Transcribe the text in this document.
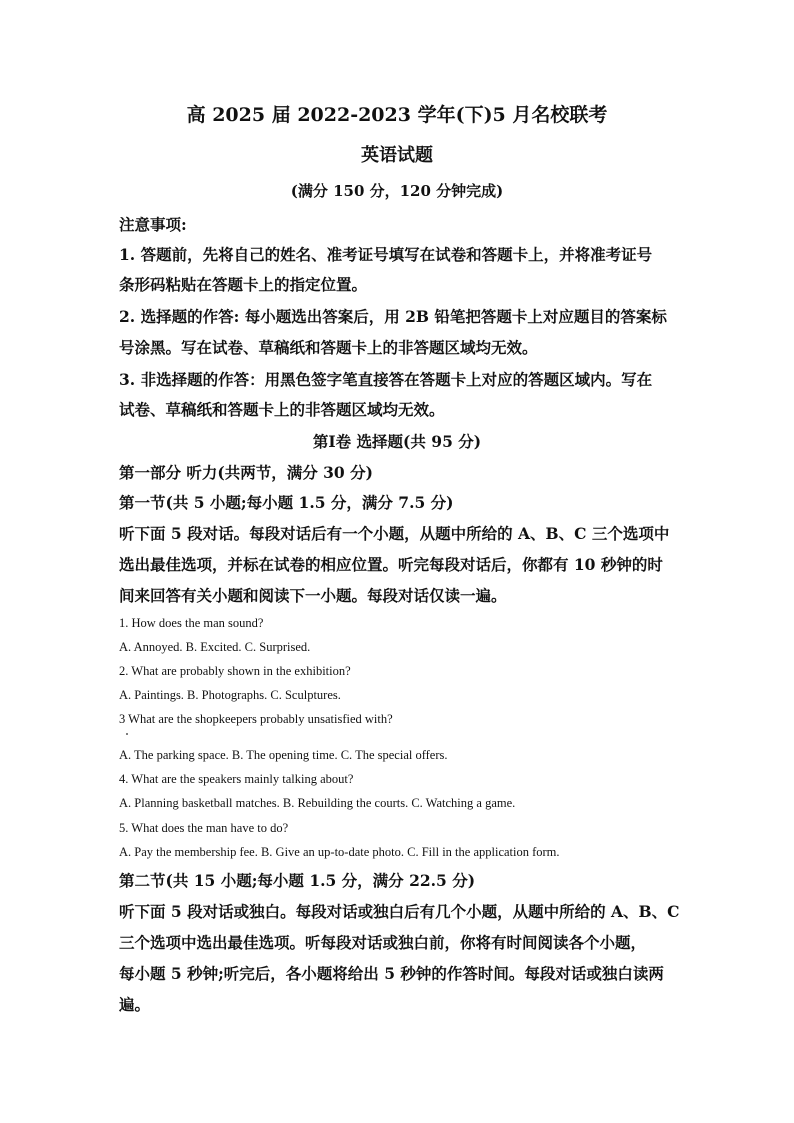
高 2025 届 2022-2023 学年(下)5 月名校联考
英语试题
(满分 150 分，120 分钟完成)
注意事项:
1. 答题前，先将自己的姓名、准考证号填写在试卷和答题卡上，并将准考证号
条形码粘贴在答题卡上的指定位置。
2. 选择题的作答: 每小题选出答案后，用 2B 铅笔把答题卡上对应题目的答案标
号涂黑。写在试卷、草稿纸和答题卡上的非答题区域均无效。
3. 非选择题的作答：用黑色签字笔直接答在答题卡上对应的答题区域内。写在
试卷、草稿纸和答题卡上的非答题区域均无效。
第Ⅰ卷 选择题(共 95 分)
第一部分 听力(共两节，满分 30 分)
第一节(共 5 小题;每小题 1.5 分，满分 7.5 分)
听下面 5 段对话。每段对话后有一个小题，从题中所给的 A、B、C 三个选项中
选出最佳选项，并标在试卷的相应位置。听完每段对话后，你都有 10 秒钟的时
间来回答有关小题和阅读下一小题。每段对话仅读一遍。
1. How does the man sound?
A. Annoyed. B. Excited. C. Surprised.
2. What are probably shown in the exhibition?
A. Paintings. B. Photographs. C. Sculptures.
3 What are the shopkeepers probably unsatisfied with?
A. The parking space. B. The opening time. C. The special offers.
4. What are the speakers mainly talking about?
A. Planning basketball matches. B. Rebuilding the courts. C. Watching a game.
5. What does the man have to do?
A. Pay the membership fee. B. Give an up-to-date photo. C. Fill in the application form.
第二节(共 15 小题;每小题 1.5 分，满分 22.5 分)
听下面 5 段对话或独白。每段对话或独白后有几个小题，从题中所给的 A、B、C
三个选项中选出最佳选项。听每段对话或独白前，你将有时间阅读各个小题，
每小题 5 秒钟;听完后，各小题将给出 5 秒钟的作答时间。每段对话或独白读两
遍。
